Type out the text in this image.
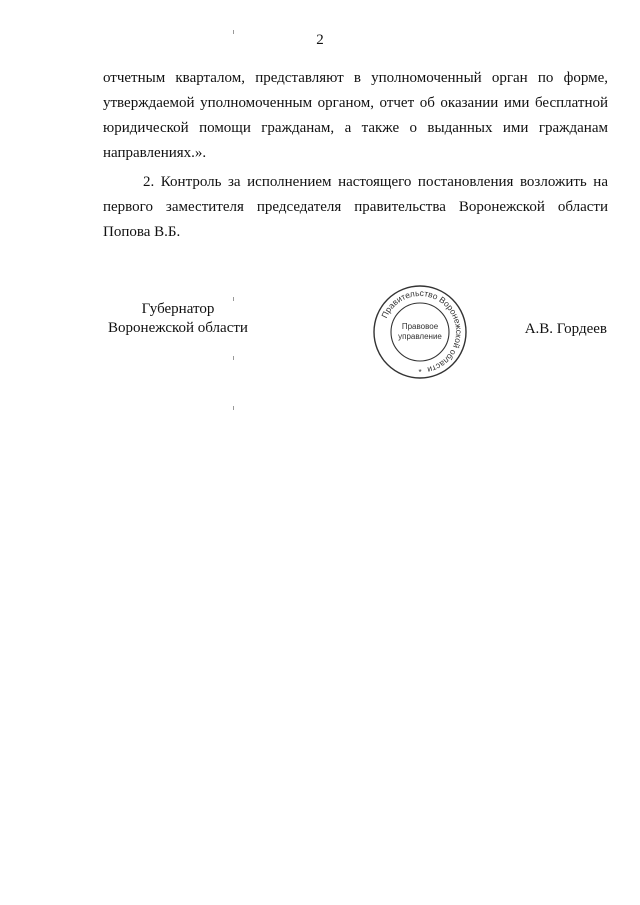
2

отчетным кварталом, представляют в уполномоченный орган по форме, утверждаемой уполномоченным органом, отчет об оказании ими бесплатной юридической помощи гражданам, а также о выданных ими гражданам направлениях.».

2. Контроль за исполнением настоящего постановления возложить на первого заместителя председателя правительства Воронежской области Попова В.Б.

Губернатор
Воронежской области
Правительство Воронежской области
Правовое
управление
*
А.В. Гордеев
